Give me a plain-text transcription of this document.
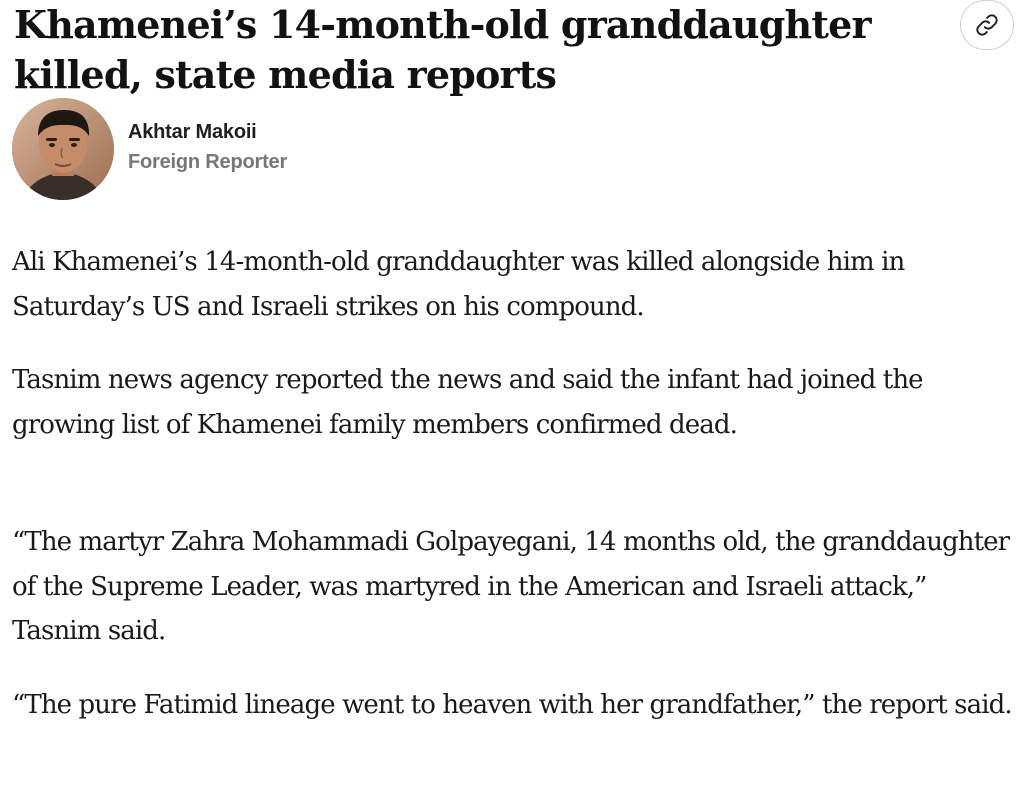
Khamenei’s 14-month-old granddaughter killed, state media reports
Akhtar Makoii
Foreign Reporter

Ali Khamenei’s 14-month-old granddaughter was killed alongside him in Saturday’s US and Israeli strikes on his compound.

Tasnim news agency reported the news and said the infant had joined the growing list of Khamenei family members confirmed dead.

“The martyr Zahra Mohammadi Golpayegani, 14 months old, the granddaughter of the Supreme Leader, was martyred in the American and Israeli attack,” Tasnim said.

“The pure Fatimid lineage went to heaven with her grandfather,” the report said.
